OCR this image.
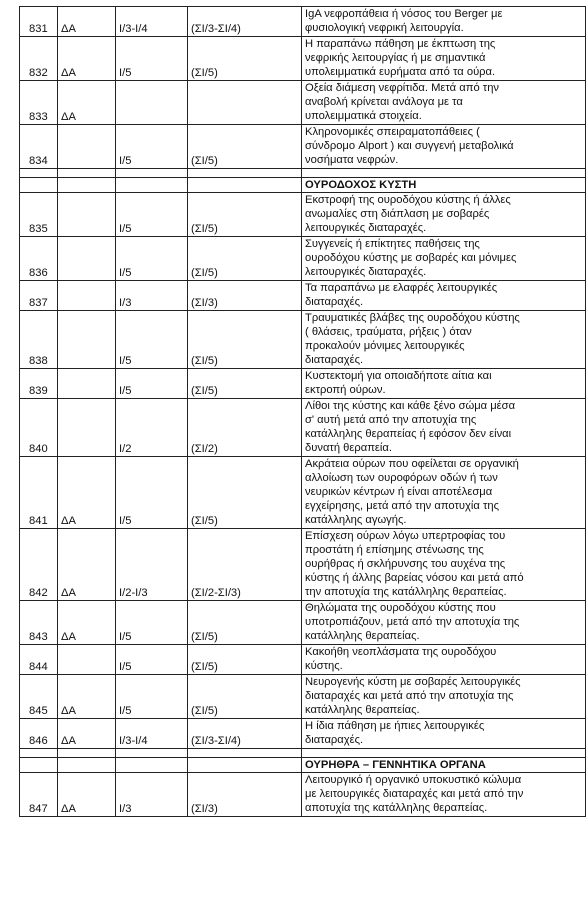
831	ΔΑ	I/3-I/4	(ΣΙ/3-ΣΙ/4)	IgA νεφροπάθεια ή νόσος του Berger με
φυσιολογική νεφρική λειτουργία.

832	ΔΑ	I/5	(ΣΙ/5)	Η παραπάνω πάθηση με έκπτωση της
νεφρικής λειτουργίας ή με σημαντικά
υπολειμματικά ευρήματα από τα ούρα.

833	ΔΑ			Οξεία διάμεση νεφρίτιδα. Μετά από την
αναβολή κρίνεται ανάλογα με τα
υπολειμματικά στοιχεία.

834		I/5	(ΣΙ/5)	Κληρονομικές σπειραματοπάθειες (
σύνδρομο Alport ) και συγγενή μεταβολικά
νοσήματα νεφρών.

				ΟΥΡΟΔΟΧΟΣ ΚΥΣΤΗ
835		I/5	(ΣΙ/5)	Εκστροφή της ουροδόχου κύστης ή άλλες
ανωμαλίες στη διάπλαση με σοβαρές
λειτουργικές διαταραχές.

836		I/5	(ΣΙ/5)	Συγγενείς ή επίκτητες παθήσεις της
ουροδόχου κύστης με σοβαρές και μόνιμες
λειτουργικές διαταραχές.

837		I/3	(ΣΙ/3)	Τα παραπάνω με ελαφρές λειτουργικές
διαταραχές.

838		I/5	(ΣΙ/5)	Τραυματικές βλάβες της ουροδόχου κύστης
( θλάσεις, τραύματα, ρήξεις ) όταν
προκαλούν μόνιμες λειτουργικές
διαταραχές.

839		I/5	(ΣΙ/5)	Κυστεκτομή για οποιαδήποτε αίτια και
εκτροπή ούρων.

840		I/2	(ΣΙ/2)	Λίθοι της κύστης και κάθε ξένο σώμα μέσα
σ' αυτή μετά από την αποτυχία της
κατάλληλης θεραπείας ή εφόσον δεν είναι
δυνατή θεραπεία.

841	ΔΑ	I/5	(ΣΙ/5)	Ακράτεια ούρων που οφείλεται σε οργανική
αλλοίωση των ουροφόρων οδών ή των
νευρικών κέντρων ή είναι αποτέλεσμα
εγχείρησης, μετά από την αποτυχία της
κατάλληλης αγωγής.

842	ΔΑ	I/2-I/3	(ΣΙ/2-ΣΙ/3)	Επίσχεση ούρων λόγω υπερτροφίας του
προστάτη ή επίσημης στένωσης της
ουρήθρας ή σκλήρυνσης του αυχένα της
κύστης ή άλλης βαρείας νόσου και μετά από
την αποτυχία της κατάλληλης θεραπείας.

843	ΔΑ	I/5	(ΣΙ/5)	Θηλώματα της ουροδόχου κύστης που
υποτροπιάζουν, μετά από την αποτυχία της
κατάλληλης θεραπείας.

844		I/5	(ΣΙ/5)	Κακοήθη νεοπλάσματα της ουροδόχου
κύστης.

845	ΔΑ	I/5	(ΣΙ/5)	Νευρογενής κύστη με σοβαρές λειτουργικές
διαταραχές και μετά από την αποτυχία της
κατάλληλης θεραπείας.

846	ΔΑ	I/3-I/4	(ΣΙ/3-ΣΙ/4)	Η ίδια πάθηση με ήπιες λειτουργικές
διαταραχές.

				ΟΥΡΗΘΡΑ – ΓΕΝΝΗΤΙΚΑ ΟΡΓΑΝΑ
847	ΔΑ	I/3	(ΣΙ/3)	Λειτουργικό ή οργανικό υποκυστικό κώλυμα
με λειτουργικές διαταραχές και μετά από την
αποτυχία της κατάλληλης θεραπείας.
